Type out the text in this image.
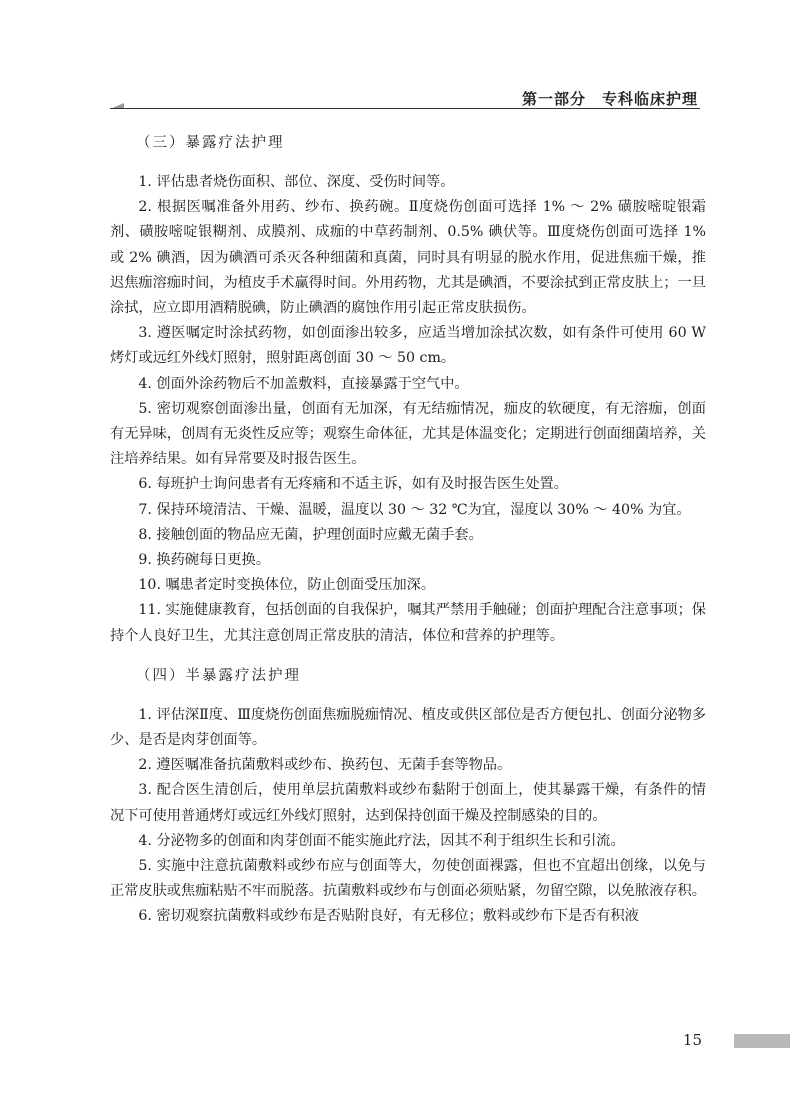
第一部分　专科临床护理
（三）暴露疗法护理

1. 评估患者烧伤面积、部位、深度、受伤时间等。

2. 根据医嘱准备外用药、纱布、换药碗。Ⅱ度烧伤创面可选择 1% ～ 2% 磺胺嘧啶银霜剂、磺胺嘧啶银糊剂、成膜剂、成痂的中草药制剂、0.5% 碘伏等。Ⅲ度烧伤创面可选择 1% 或 2% 碘酒，因为碘酒可杀灭各种细菌和真菌，同时具有明显的脱水作用，促进焦痂干燥，推迟焦痂溶痂时间，为植皮手术赢得时间。外用药物，尤其是碘酒，不要涂拭到正常皮肤上；一旦涂拭，应立即用酒精脱碘，防止碘酒的腐蚀作用引起正常皮肤损伤。

3. 遵医嘱定时涂拭药物，如创面渗出较多，应适当增加涂拭次数，如有条件可使用 60 W 烤灯或远红外线灯照射，照射距离创面 30 ～ 50 cm。

4. 创面外涂药物后不加盖敷料，直接暴露于空气中。

5. 密切观察创面渗出量，创面有无加深，有无结痂情况，痂皮的软硬度，有无溶痂，创面有无异味，创周有无炎性反应等；观察生命体征，尤其是体温变化；定期进行创面细菌培养，关注培养结果。如有异常要及时报告医生。

6. 每班护士询问患者有无疼痛和不适主诉，如有及时报告医生处置。

7. 保持环境清洁、干燥、温暖，温度以 30 ～ 32 ℃为宜，湿度以 30% ～ 40% 为宜。

8. 接触创面的物品应无菌，护理创面时应戴无菌手套。

9. 换药碗每日更换。

10. 嘱患者定时变换体位，防止创面受压加深。

11. 实施健康教育，包括创面的自我保护，嘱其严禁用手触碰；创面护理配合注意事项；保持个人良好卫生，尤其注意创周正常皮肤的清洁，体位和营养的护理等。

（四）半暴露疗法护理

1. 评估深Ⅱ度、Ⅲ度烧伤创面焦痂脱痂情况、植皮或供区部位是否方便包扎、创面分泌物多少、是否是肉芽创面等。

2. 遵医嘱准备抗菌敷料或纱布、换药包、无菌手套等物品。

3. 配合医生清创后，使用单层抗菌敷料或纱布黏附于创面上，使其暴露干燥，有条件的情况下可使用普通烤灯或远红外线灯照射，达到保持创面干燥及控制感染的目的。

4. 分泌物多的创面和肉芽创面不能实施此疗法，因其不利于组织生长和引流。

5. 实施中注意抗菌敷料或纱布应与创面等大，勿使创面裸露，但也不宜超出创缘，以免与正常皮肤或焦痂粘贴不牢而脱落。抗菌敷料或纱布与创面必须贴紧，勿留空隙，以免脓液存积。

6. 密切观察抗菌敷料或纱布是否贴附良好，有无移位；敷料或纱布下是否有积液

15
